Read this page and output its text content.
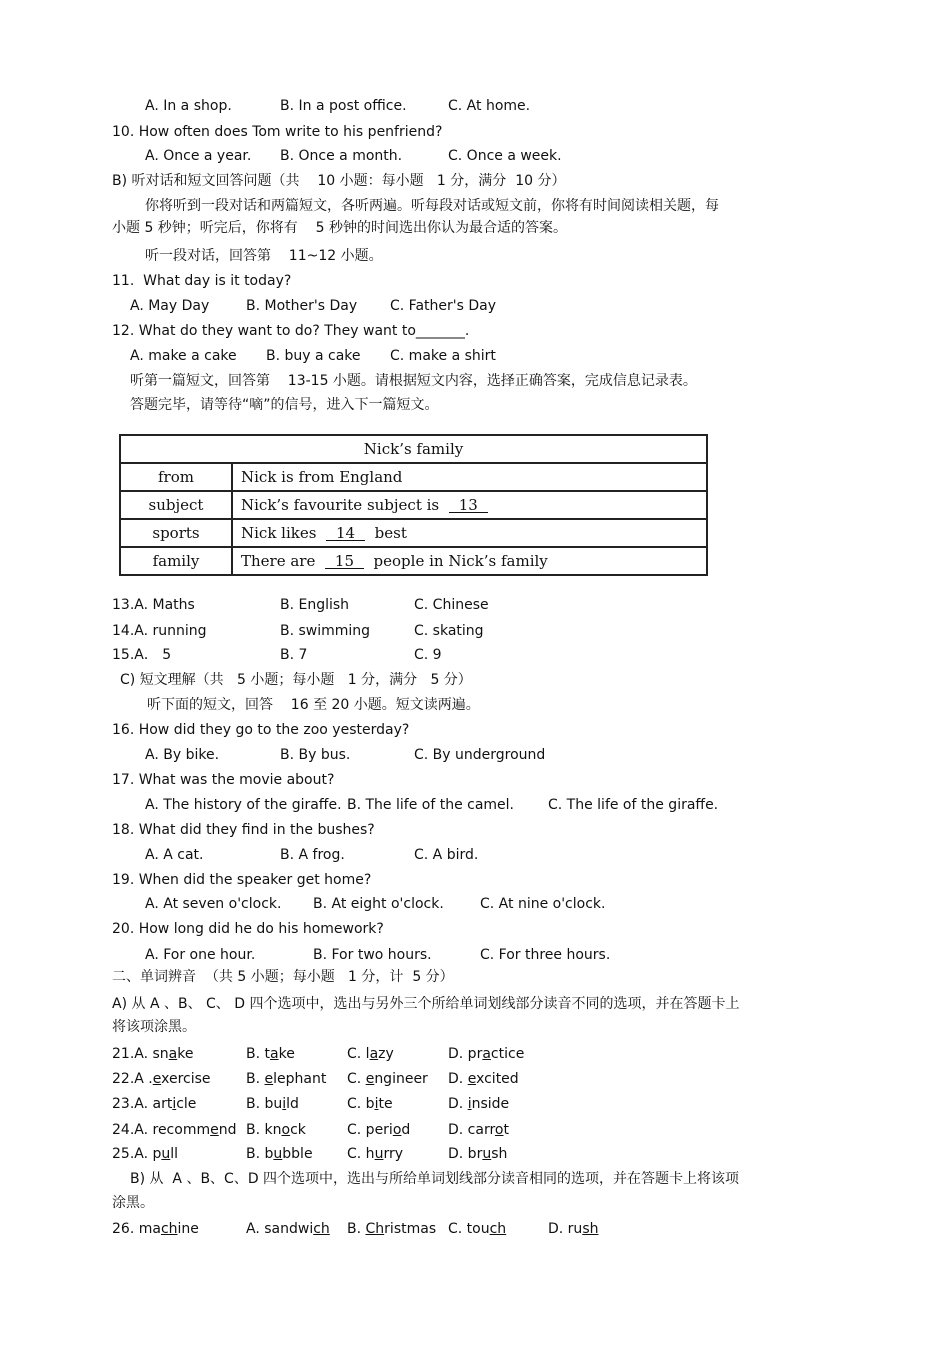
A. In a shop.	B. In a post office.	C. At home.
10. How often does Tom write to his penfriend?
A. Once a year. B. Once a month.	C. Once a week.
B) 听对话和短文回答问题（共    10 小题：每小题   1 分，满分  10 分）
你将听到一段对话和两篇短文，各听两遍。听每段对话或短文前，你将有时间阅读相关题，每
小题 5 秒钟；听完后，你将有    5 秒钟的时间选出你认为最合适的答案。
听一段对话，回答第    11~12 小题。
11.  What day is it today?
A. May Day	B. Mother's Day C. Father's Day
12. What do they want to do? They want to_______.
A. make a cake B. buy a cake C. make a shirt
听第一篇短文，回答第    13-15 小题。请根据短文内容，选择正确答案，完成信息记录表。
答题完毕，请等待“嘀”的信号，进入下一篇短文。
Nick’s family	
from	Nick is from England
subject	Nick’s favourite subject is 13
sports	Nick likes 14 best
family	There are 15 people in Nick’s family
13.A. Maths	B. English	C. Chinese
14.A. running	B. swimming	C. skating
15.A． 5	B. 7	C. 9
C) 短文理解（共   5 小题；每小题   1 分，满分   5 分）
听下面的短文，回答    16 至 20 小题。短文读两遍。
16. How did they go to the zoo yesterday?
A. By bike.	B. By bus.	C. By underground
17. What was the movie about?
A. The history of the giraffe. B. The life of the camel. C. The life of the giraffe.
18. What did they find in the bushes?
A. A cat.	B. A frog.	C. A bird.
19. When did the speaker get home?
A. At seven o'clock. B. At eight o'clock.	C. At nine o'clock.
20. How long did he do his homework?
A. For one hour.	B. For two hours.	C. For three hours.
二、单词辨音  （共 5 小题；每小题   1 分，计  5 分）
A) 从 A 、B、 C、 D 四个选项中，选出与另外三个所给单词划线部分读音不同的选项，并在答题卡上
将该项涂黑。
21.A. snake	B. take	C. lazy	D. practice
22.A .exercise	B. elephant C. engineer D. excited
23.A. article	B. build	C. bite	D. inside
24.A. recommend B. knock	C. period	D. carrot
25.A. pull	B. bubble C. hurry	D. brush
26. machine	A. sandwich B. Christmas C. touch	D. rush
B) 从  A 、B、C、D 四个选项中，选出与所给单词划线部分读音相同的选项，并在答题卡上将该项
涂黑。
